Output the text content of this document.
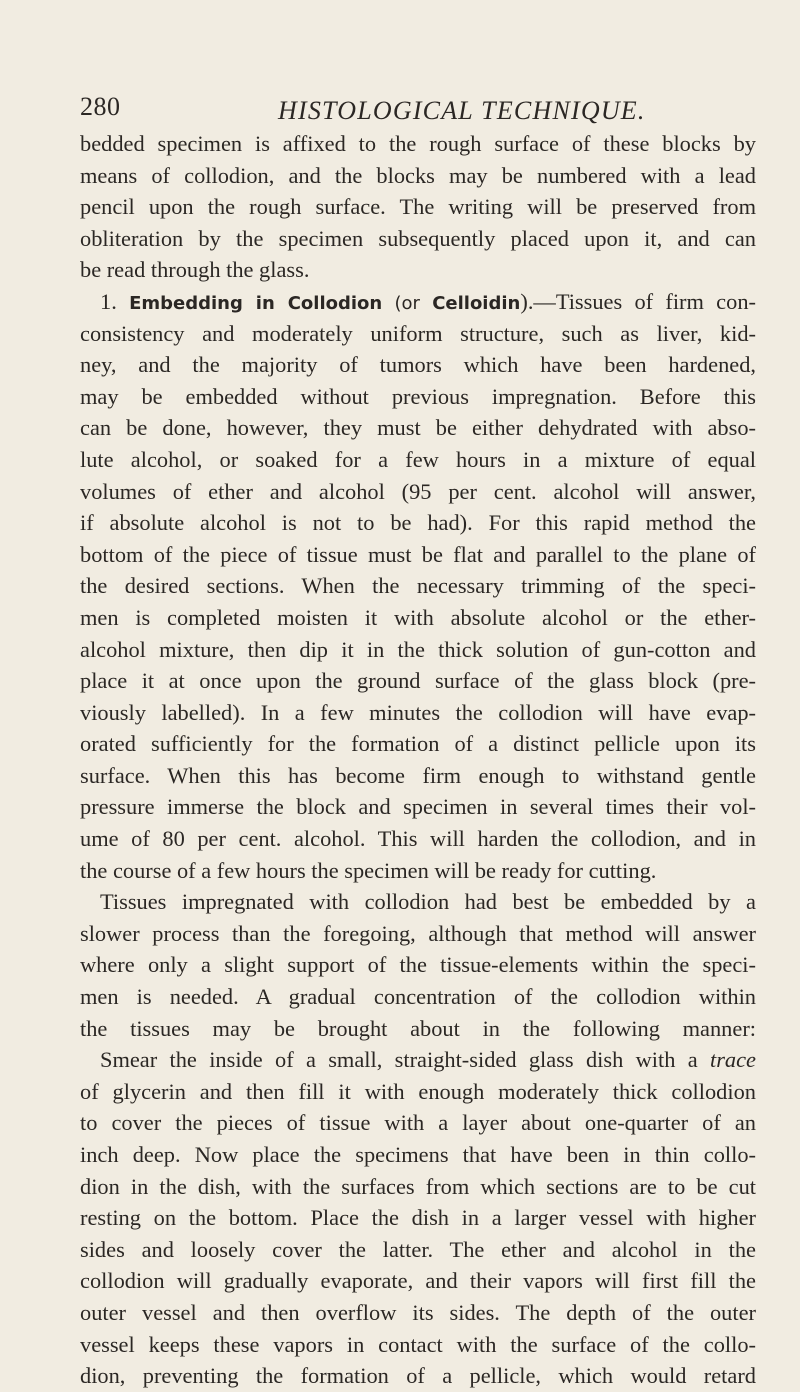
280	HISTOLOGICAL TECHNIQUE.
bedded specimen is affixed to the rough surface of these blocks by
means of collodion, and the blocks may be numbered with a lead
pencil upon the rough surface. The writing will be preserved from
obliteration by the specimen subsequently placed upon it, and can
be read through the glass.
1. Embedding in Collodion (or Celloidin).—Tissues of firm con-
consistency and moderately uniform structure, such as liver, kid-
ney, and the majority of tumors which have been hardened,
may be embedded without previous impregnation. Before this
can be done, however, they must be either dehydrated with abso-
lute alcohol, or soaked for a few hours in a mixture of equal
volumes of ether and alcohol (95 per cent. alcohol will answer,
if absolute alcohol is not to be had). For this rapid method the
bottom of the piece of tissue must be flat and parallel to the plane of
the desired sections. When the necessary trimming of the speci-
men is completed moisten it with absolute alcohol or the ether-
alcohol mixture, then dip it in the thick solution of gun-cotton and
place it at once upon the ground surface of the glass block (pre-
viously labelled). In a few minutes the collodion will have evap-
orated sufficiently for the formation of a distinct pellicle upon its
surface. When this has become firm enough to withstand gentle
pressure immerse the block and specimen in several times their vol-
ume of 80 per cent. alcohol. This will harden the collodion, and in
the course of a few hours the specimen will be ready for cutting.
Tissues impregnated with collodion had best be embedded by a
slower process than the foregoing, although that method will answer
where only a slight support of the tissue-elements within the speci-
men is needed. A gradual concentration of the collodion within
the tissues may be brought about in the following manner:
Smear the inside of a small, straight-sided glass dish with a trace
of glycerin and then fill it with enough moderately thick collodion
to cover the pieces of tissue with a layer about one-quarter of an
inch deep. Now place the specimens that have been in thin collo-
dion in the dish, with the surfaces from which sections are to be cut
resting on the bottom. Place the dish in a larger vessel with higher
sides and loosely cover the latter. The ether and alcohol in the
collodion will gradually evaporate, and their vapors will first fill the
outer vessel and then overflow its sides. The depth of the outer
vessel keeps these vapors in contact with the surface of the collo-
dion, preventing the formation of a pellicle, which would retard
